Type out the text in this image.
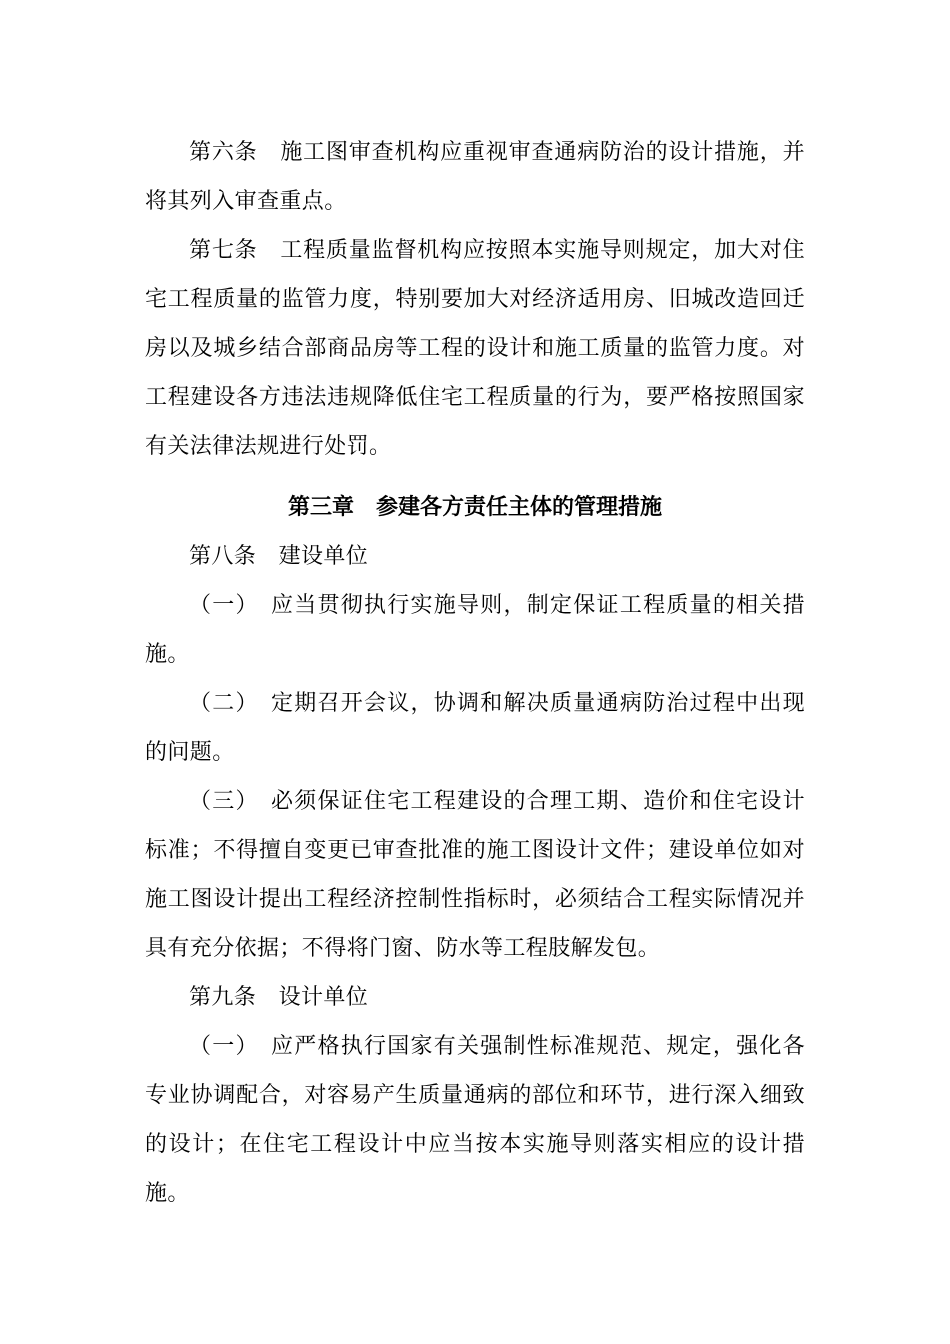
第六条　施工图审查机构应重视审查通病防治的设计措施，并将其列入审查重点。

第七条　工程质量监督机构应按照本实施导则规定，加大对住宅工程质量的监管力度，特别要加大对经济适用房、旧城改造回迁房以及城乡结合部商品房等工程的设计和施工质量的监管力度。对工程建设各方违法违规降低住宅工程质量的行为，要严格按照国家有关法律法规进行处罚。

第三章　参建各方责任主体的管理措施

第八条　建设单位

（一）　应当贯彻执行实施导则，制定保证工程质量的相关措施。

（二）　定期召开会议，协调和解决质量通病防治过程中出现的问题。

（三）　必须保证住宅工程建设的合理工期、造价和住宅设计标准；不得擅自变更已审查批准的施工图设计文件；建设单位如对施工图设计提出工程经济控制性指标时，必须结合工程实际情况并具有充分依据；不得将门窗、防水等工程肢解发包。

第九条　设计单位

（一）　应严格执行国家有关强制性标准规范、规定，强化各专业协调配合，对容易产生质量通病的部位和环节，进行深入细致的设计；在住宅工程设计中应当按本实施导则落实相应的设计措施。
